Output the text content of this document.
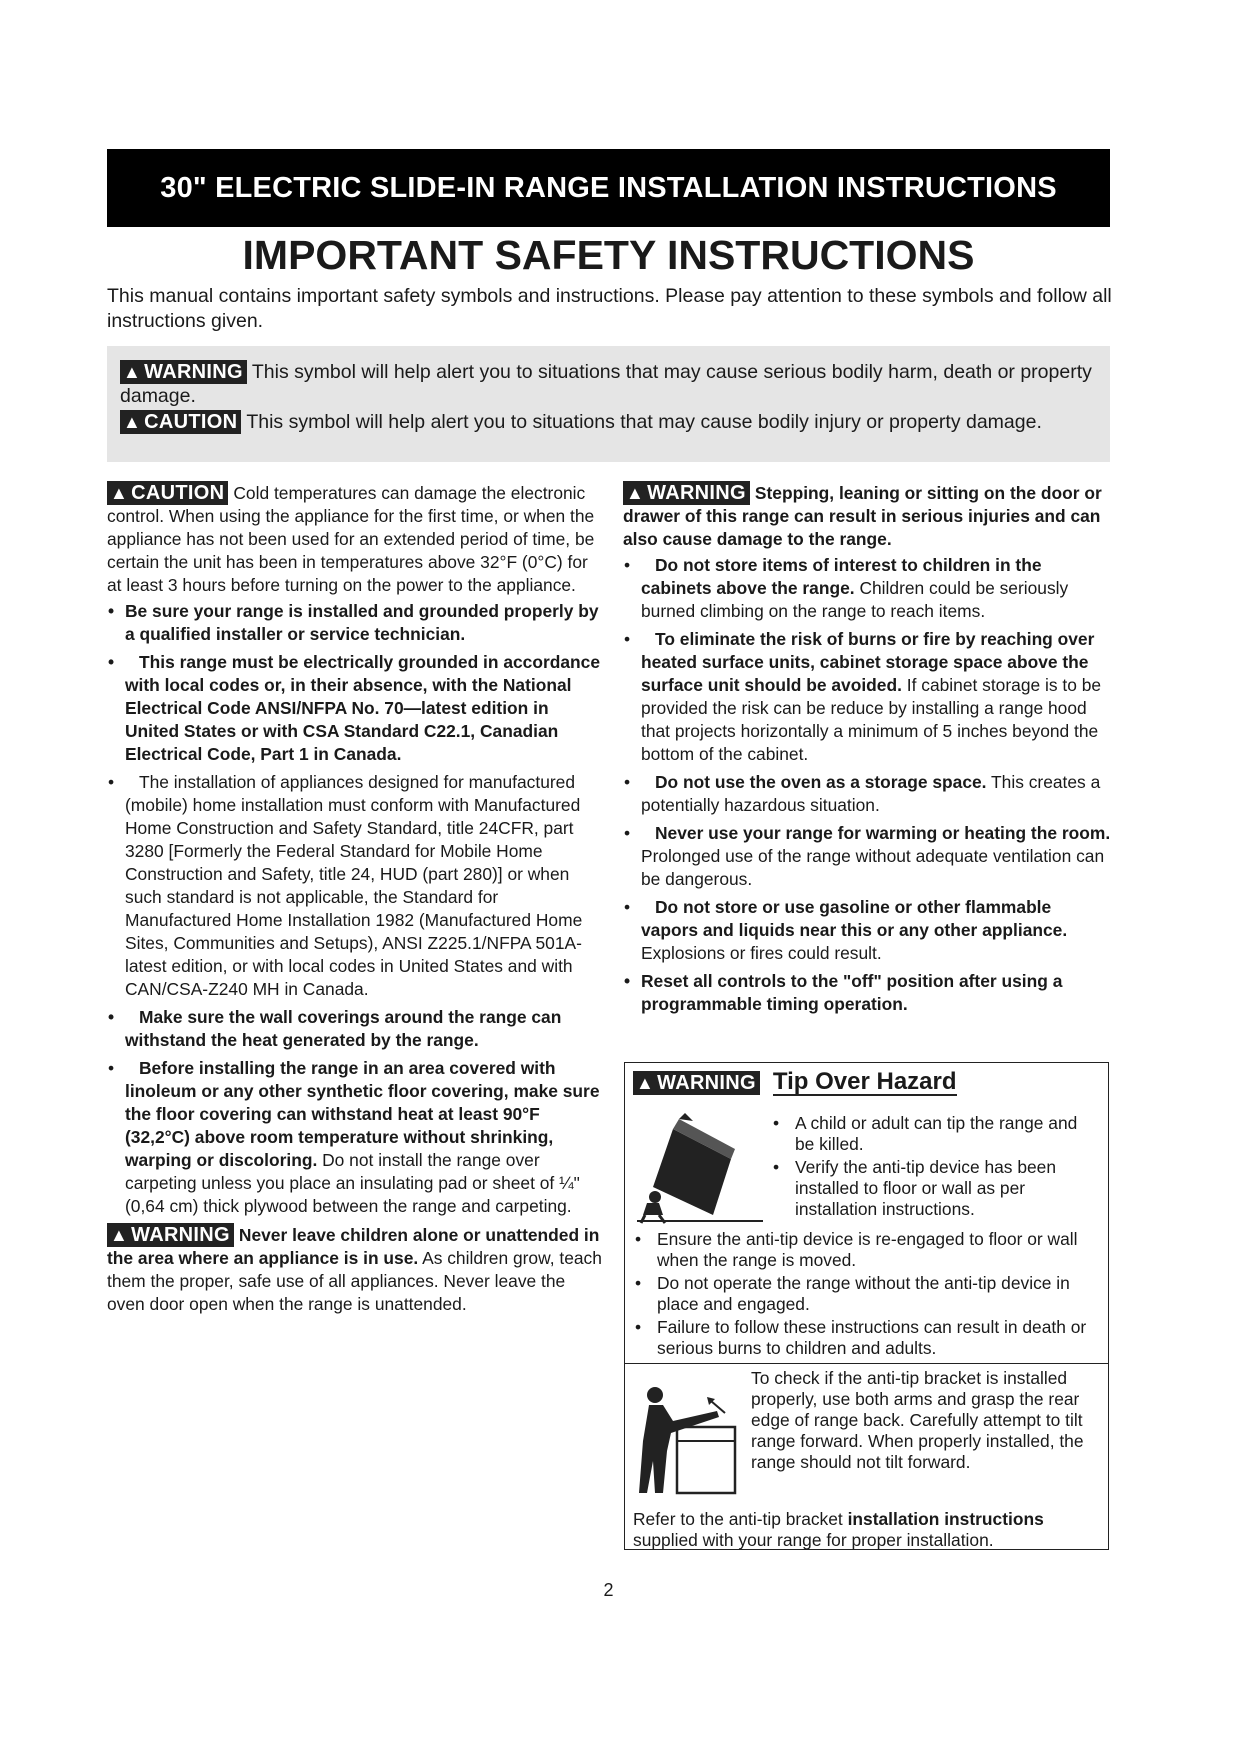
30" ELECTRIC SLIDE-IN RANGE INSTALLATION INSTRUCTIONS
IMPORTANT SAFETY INSTRUCTIONS
This manual contains important safety symbols and instructions. Please pay attention to these symbols and follow all instructions given.

▲ WARNING This symbol will help alert you to situations that may cause serious bodily harm, death or property damage.

▲ CAUTION This symbol will help alert you to situations that may cause bodily injury or property damage.

▲ CAUTION Cold temperatures can damage the electronic control. When using the appliance for the first time, or when the appliance has not been used for an extended period of time, be certain the unit has been in temperatures above 32°F (0°C) for at least 3 hours before turning on the power to the appliance.

• Be sure your range is installed and grounded properly by a qualified installer or service technician.
• This range must be electrically grounded in accordance with local codes or, in their absence, with the National Electrical Code ANSI/NFPA No. 70—latest edition in United States or with CSA Standard C22.1, Canadian Electrical Code, Part 1 in Canada.
• The installation of appliances designed for manufactured (mobile) home installation must conform with Manufactured Home Construction and Safety Standard, title 24CFR, part 3280 [Formerly the Federal Standard for Mobile Home Construction and Safety, title 24, HUD (part 280)] or when such standard is not applicable, the Standard for Manufactured Home Installation 1982 (Manufactured Home Sites, Communities and Setups), ANSI Z225.1/NFPA 501A-latest edition, or with local codes in United States and with CAN/CSA-Z240 MH in Canada.
• Make sure the wall coverings around the range can withstand the heat generated by the range.
• Before installing the range in an area covered with linoleum or any other synthetic floor covering, make sure the floor covering can withstand heat at least 90°F (32,2°C) above room temperature without shrinking, warping or discoloring. Do not install the range over carpeting unless you place an insulating pad or sheet of ¼" (0,64 cm) thick plywood between the range and carpeting.

▲ WARNING Never leave children alone or unattended in the area where an appliance is in use. As children grow, teach them the proper, safe use of all appliances. Never leave the oven door open when the range is unattended.

▲ WARNING Stepping, leaning or sitting on the door or drawer of this range can result in serious injuries and can also cause damage to the range.

• Do not store items of interest to children in the cabinets above the range. Children could be seriously burned climbing on the range to reach items.
• To eliminate the risk of burns or fire by reaching over heated surface units, cabinet storage space above the surface unit should be avoided. If cabinet storage is to be provided the risk can be reduce by installing a range hood that projects horizontally a minimum of 5 inches beyond the bottom of the cabinet.
• Do not use the oven as a storage space. This creates a potentially hazardous situation.
• Never use your range for warming or heating the room. Prolonged use of the range without adequate ventilation can be dangerous.
• Do not store or use gasoline or other flammable vapors and liquids near this or any other appliance. Explosions or fires could result.
• Reset all controls to the "off" position after using a programmable timing operation.
▲ WARNING Tip Over Hazard
• A child or adult can tip the range and be killed.
• Verify the anti-tip device has been installed to floor or wall as per installation instructions.
• Ensure the anti-tip device is re-engaged to floor or wall when the range is moved.
• Do not operate the range without the anti-tip device in place and engaged.
• Failure to follow these instructions can result in death or serious burns to children and adults.
To check if the anti-tip bracket is installed properly, use both arms and grasp the rear edge of range back. Carefully attempt to tilt range forward. When properly installed, the range should not tilt forward.
Refer to the anti-tip bracket installation instructions supplied with your range for proper installation.
2
